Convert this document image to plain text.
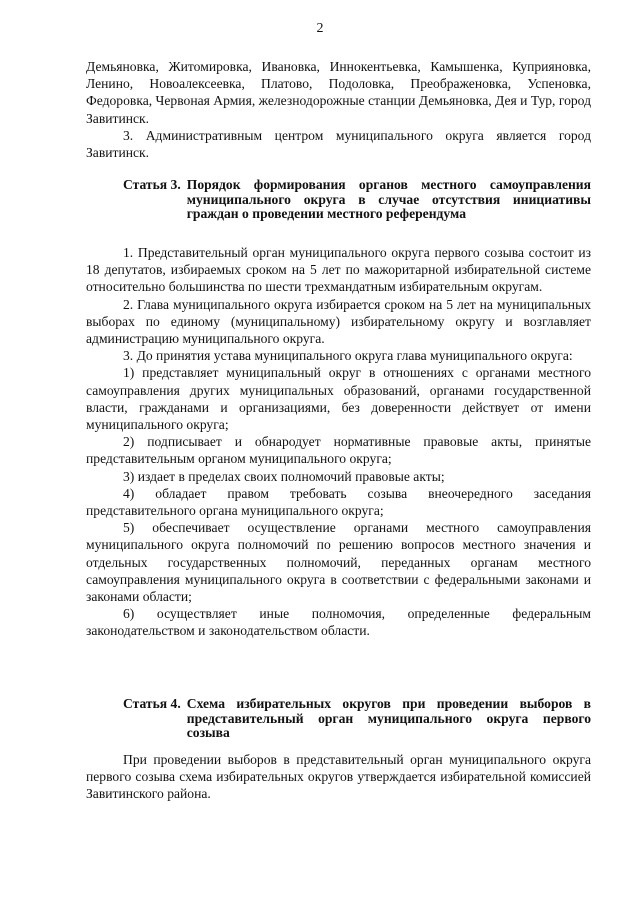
2

Демьяновка, Житомировка, Ивановка, Иннокентьевка, Камышенка, Куприяновка, Ленино, Новоалексеевка, Платово, Подоловка, Преображеновка, Успеновка, Федоровка, Червоная Армия, железнодорожные станции Демьяновка, Дея и Тур, город Завитинск.

3. Административным центром муниципального округа является город Завитинск.

Статья 3. Порядок формирования органов местного самоуправления муниципального округа в случае отсутствия инициативы граждан о проведении местного референдума

1. Представительный орган муниципального округа первого созыва состоит из 18 депутатов, избираемых сроком на 5 лет по мажоритарной избирательной системе относительно большинства по шести трехмандатным избирательным округам.

2. Глава муниципального округа избирается сроком на 5 лет на муниципальных выборах по единому (муниципальному) избирательному округу и возглавляет администрацию муниципального округа.

3. До принятия устава муниципального округа глава муниципального округа:

1) представляет муниципальный округ в отношениях с органами местного самоуправления других муниципальных образований, органами государственной власти, гражданами и организациями, без доверенности действует от имени муниципального округа;

2) подписывает и обнародует нормативные правовые акты, принятые представительным органом муниципального округа;

3) издает в пределах своих полномочий правовые акты;

4) обладает правом требовать созыва внеочередного заседания представительного органа муниципального округа;

5) обеспечивает осуществление органами местного самоуправления муниципального округа полномочий по решению вопросов местного значения и отдельных государственных полномочий, переданных органам местного самоуправления муниципального округа в соответствии с федеральными законами и законами области;

6) осуществляет иные полномочия, определенные федеральным законодательством и законодательством области.

Статья 4. Схема избирательных округов при проведении выборов в представительный орган муниципального округа первого созыва

При проведении выборов в представительный орган муниципального округа первого созыва схема избирательных округов утверждается избирательной комиссией Завитинского района.
